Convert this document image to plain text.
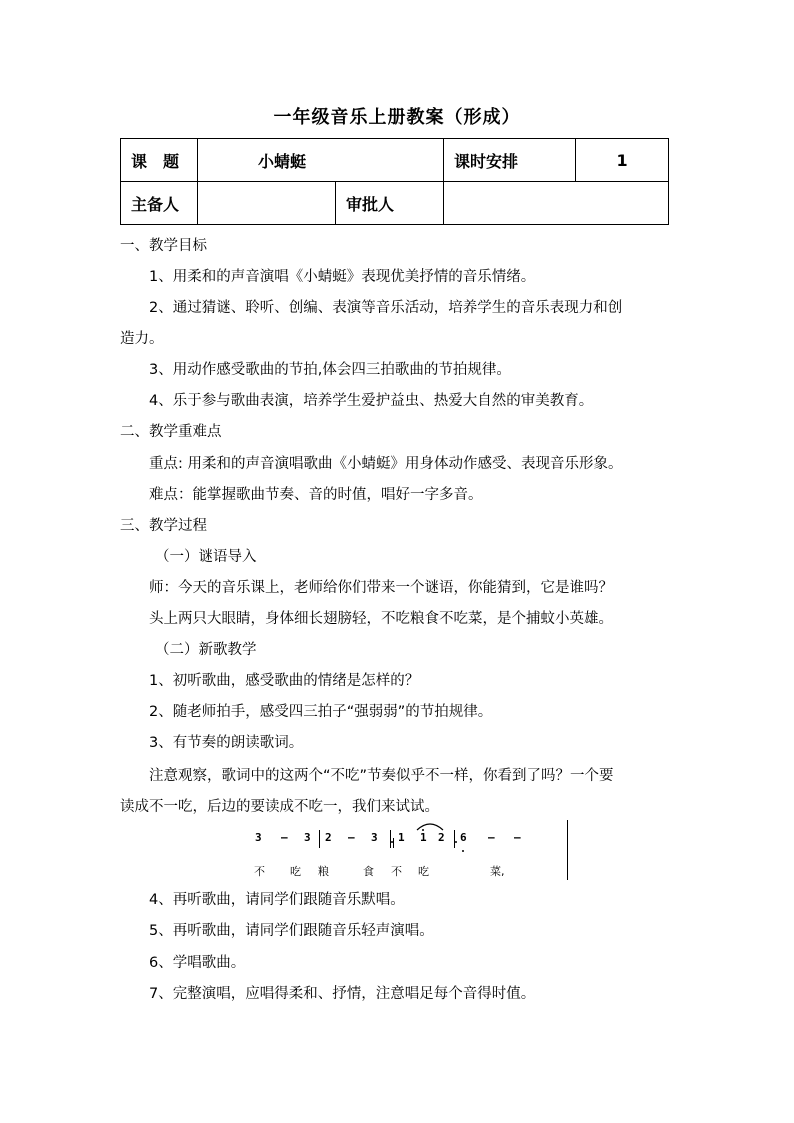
一年级音乐上册教案（形成）
课　题	小蜻蜓		课时安排	1
主备人		审批人		
一、教学目标
1、用柔和的声音演唱《小蜻蜓》表现优美抒情的音乐情绪。
2、通过猜谜、聆听、创编、表演等音乐活动，培养学生的音乐表现力和创
造力。
3、用动作感受歌曲的节拍,体会四三拍歌曲的节拍规律。
4、乐于参与歌曲表演，培养学生爱护益虫、热爱大自然的审美教育。
二、教学重难点
重点: 用柔和的声音演唱歌曲《小蜻蜓》用身体动作感受、表现音乐形象。
难点：能掌握歌曲节奏、音的时值，唱好一字多音。
三、教学过程
（一）谜语导入
师：今天的音乐课上，老师给你们带来一个谜语，你能猜到，它是谁吗？
头上两只大眼睛，身体细长翅膀轻，不吃粮食不吃菜，是个捕蚊小英雄。
（二）新歌教学
1、初听歌曲，感受歌曲的情绪是怎样的？
2、随老师拍手，感受四三拍子“强弱弱”的节拍规律。
3、有节奏的朗读歌词。
注意观察，歌词中的这两个“不吃”节奏似乎不一样，你看到了吗？一个要
读成不一吃，后边的要读成不吃一，我们来试试。
3 – 3 2 – 3 1 1 2 6 – –
不 吃 粮	食 不 吃	菜,
4、再听歌曲，请同学们跟随音乐默唱。
5、再听歌曲，请同学们跟随音乐轻声演唱。
6、学唱歌曲。
7、完整演唱，应唱得柔和、抒情，注意唱足每个音得时值。
